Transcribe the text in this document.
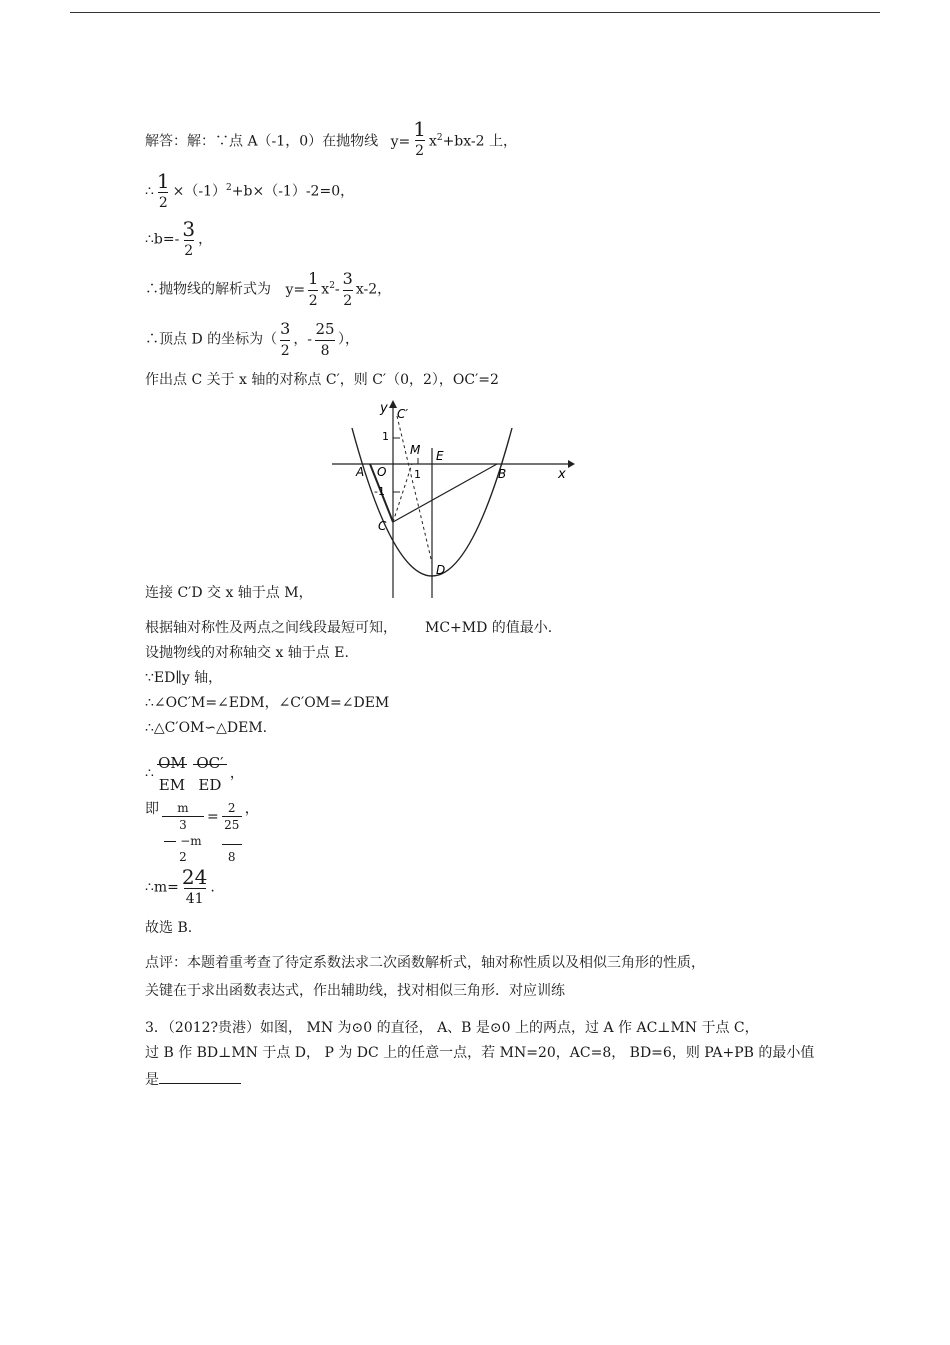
解答：解：∵点 A（-1，0）在抛物线 $y= \frac{1}{2} x^2+bx-2$ 上，
∴ $\frac{1}{2} \times(-1)^2+b\times(-1)-2=0$，
∴b=- $\frac{3}{2}$ ，
∴抛物线的解析式为 $y= \frac{1}{2} x^2- \frac{3}{2} x-2$，
∴顶点 D 的坐标为（ $\frac{3}{2}$ ，- $\frac{25}{8}$ ），
作出点 C 关于 x 轴的对称点 C′，则 C′（0，2），OC′=2
连接 C′D 交 x 轴于点 M，
根据轴对称性及两点之间线段最短可知， MC+MD 的值最小.
设抛物线的对称轴交 x 轴于点 E.
∵ED∥y 轴，
∴∠OC′M=∠EDM，∠C′OM=∠DEM
∴△C′OM∽△DEM.
∴ $\frac{OM}{EM} \frac{OC'}{ED}$ ，
即	m
3
−m
2
=
2
25

8
，
∴m= $\frac{24}{41}$ .
故选 B.
点评：本题着重考查了待定系数法求二次函数解析式，轴对称性质以及相似三角形的性质，
关键在于求出函数表达式，作出辅助线，找对相似三角形．对应训练
3．（2012?贵港）如图， MN 为⊙0 的直径， A、B 是⊙0 上的两点，过 A 作 AC⊥MN 于点 C，
过 B 作 BD⊥MN 于点 D， P 为 DC 上的任意一点，若 MN=20，AC=8， BD=6，则 PA+PB 的最小值
是
y C′
1
M E
A O	1	B	x
-1
C
D
